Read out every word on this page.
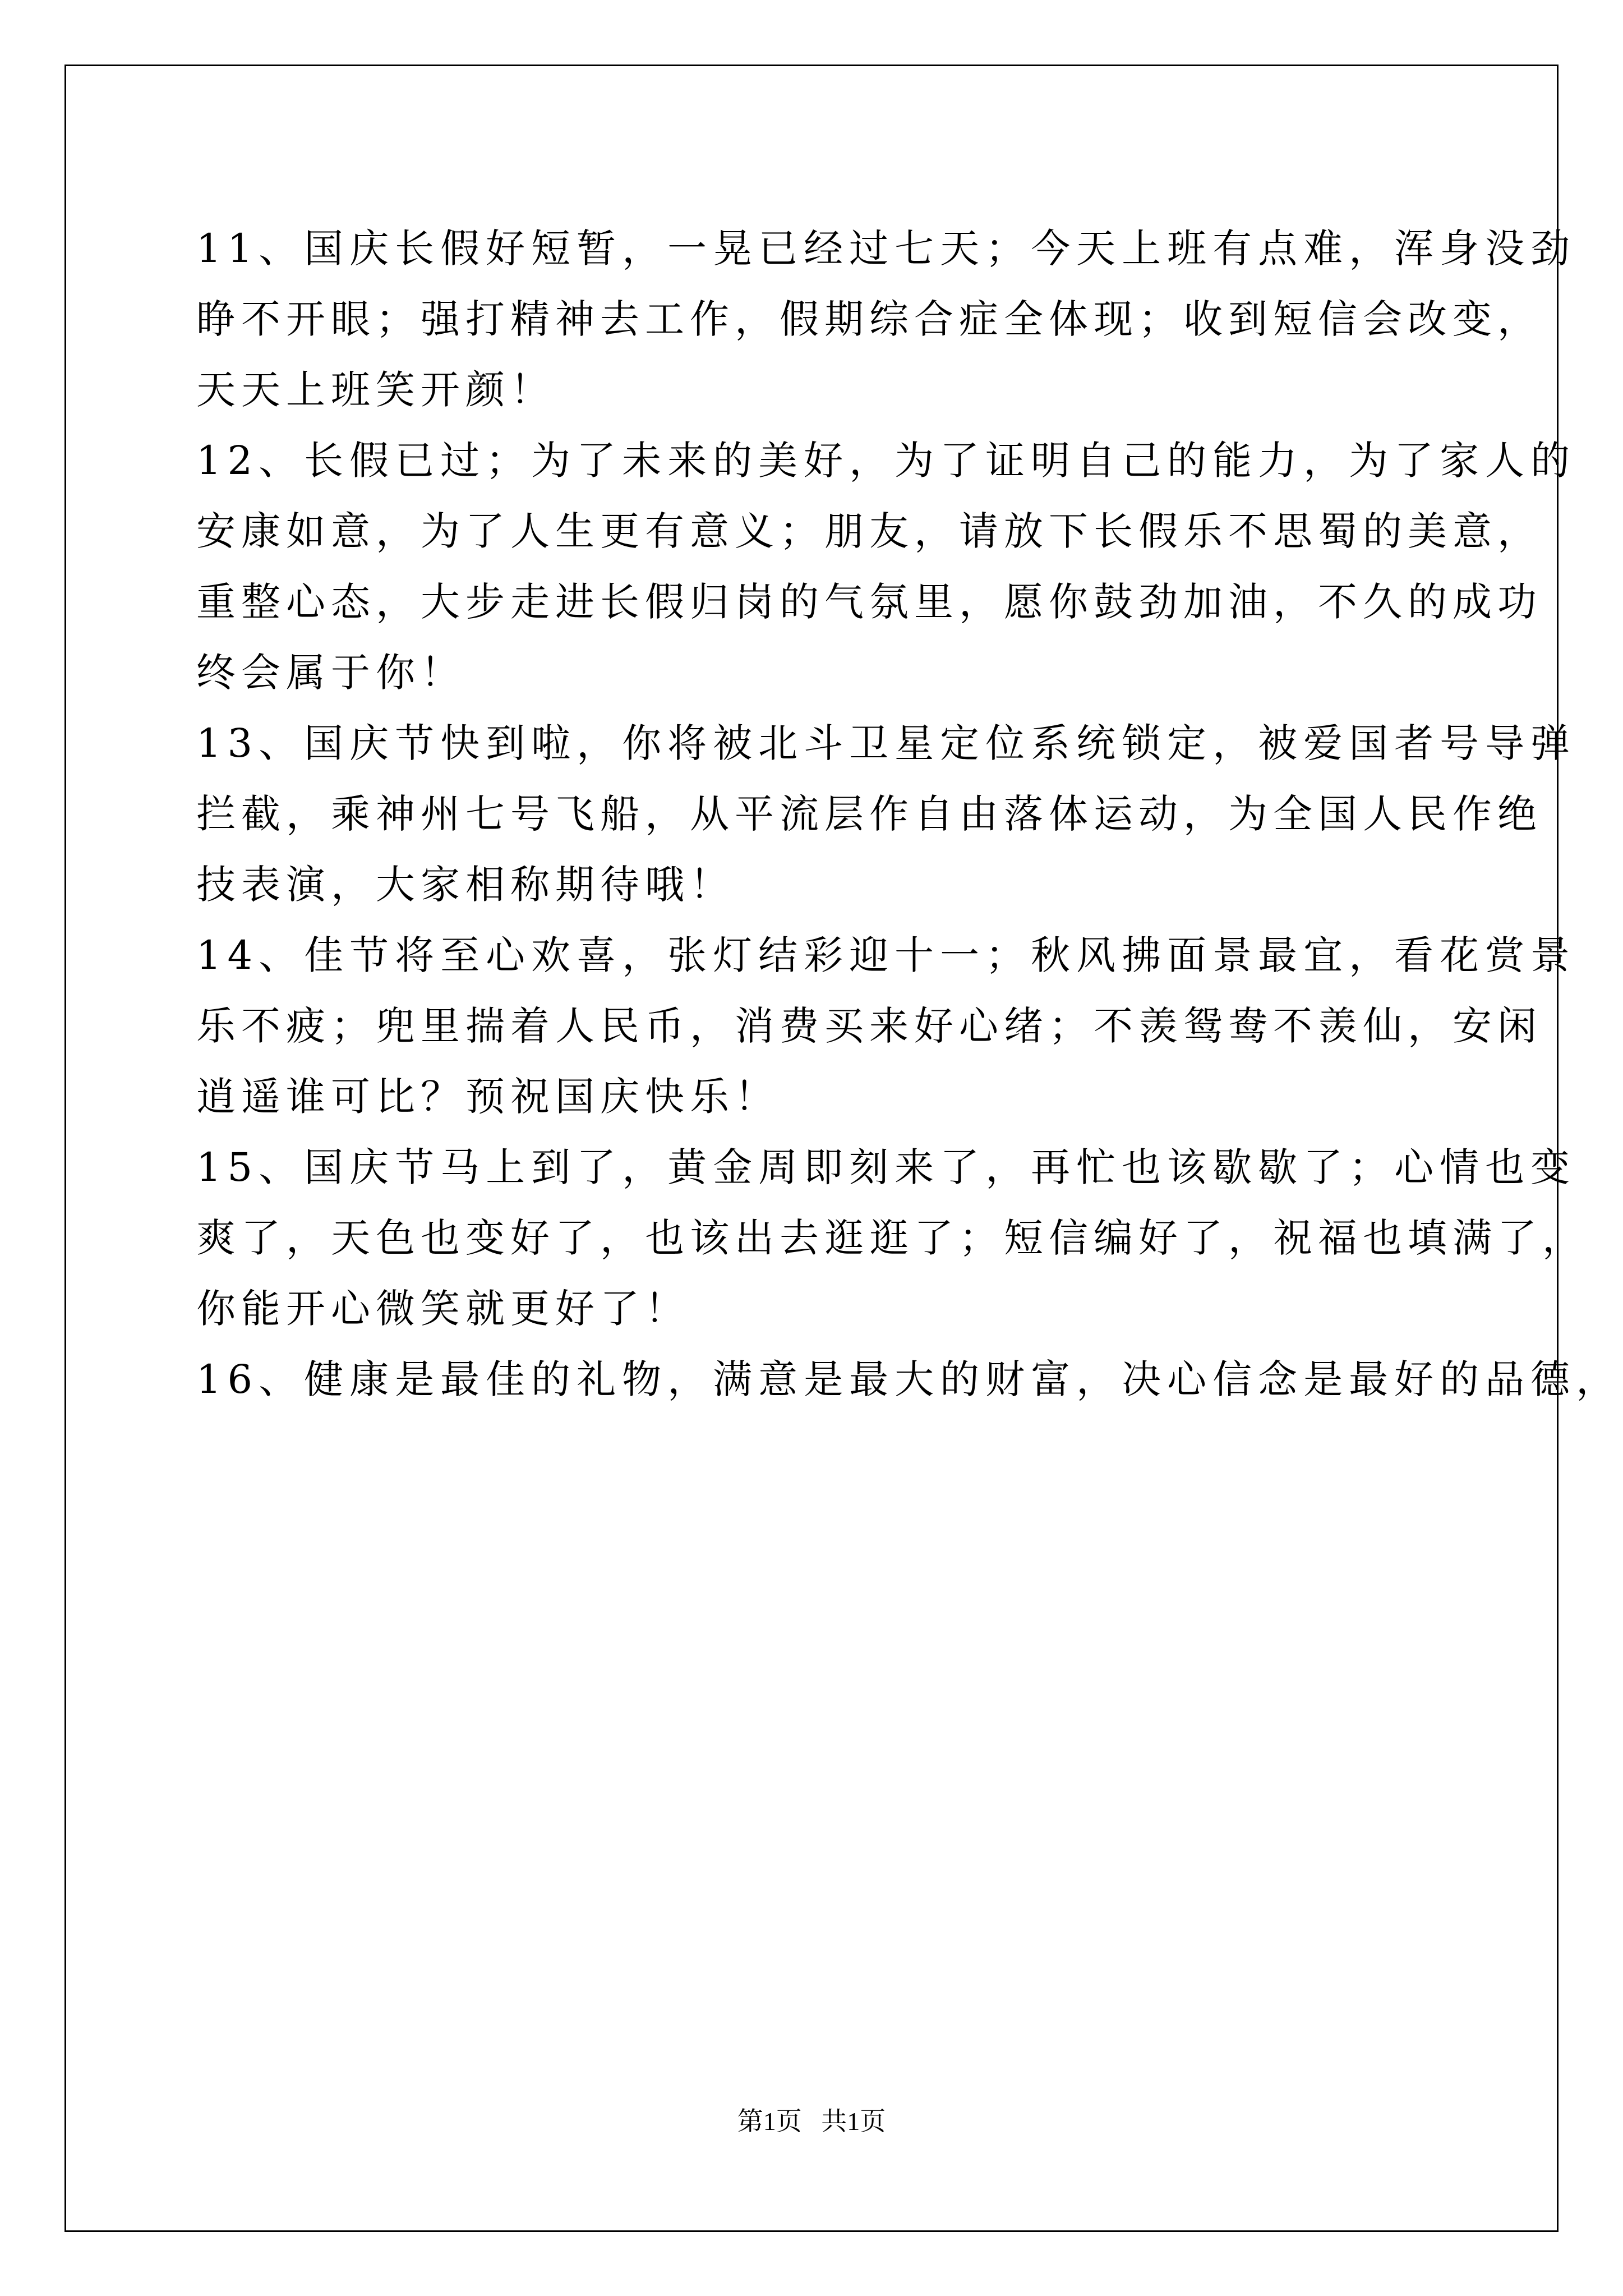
11、国庆长假好短暂，一晃已经过七天；今天上班有点难，浑身没劲
睁不开眼；强打精神去工作，假期综合症全体现；收到短信会改变，
天天上班笑开颜！
12、长假已过；为了未来的美好，为了证明自己的能力，为了家人的
安康如意，为了人生更有意义；朋友，请放下长假乐不思蜀的美意，
重整心态，大步走进长假归岗的气氛里，愿你鼓劲加油，不久的成功
终会属于你！
13、国庆节快到啦，你将被北斗卫星定位系统锁定，被爱国者号导弹
拦截，乘神州七号飞船，从平流层作自由落体运动，为全国人民作绝
技表演，大家相称期待哦！
14、佳节将至心欢喜，张灯结彩迎十一；秋风拂面景最宜，看花赏景
乐不疲；兜里揣着人民币，消费买来好心绪；不羡鸳鸯不羡仙，安闲
逍遥谁可比？预祝国庆快乐！
15、国庆节马上到了，黄金周即刻来了，再忙也该歇歇了；心情也变
爽了，天色也变好了，也该出去逛逛了；短信编好了，祝福也填满了，
你能开心微笑就更好了！
16、健康是最佳的礼物，满意是最大的财富，决心信念是最好的品德，
第1页   共1页
